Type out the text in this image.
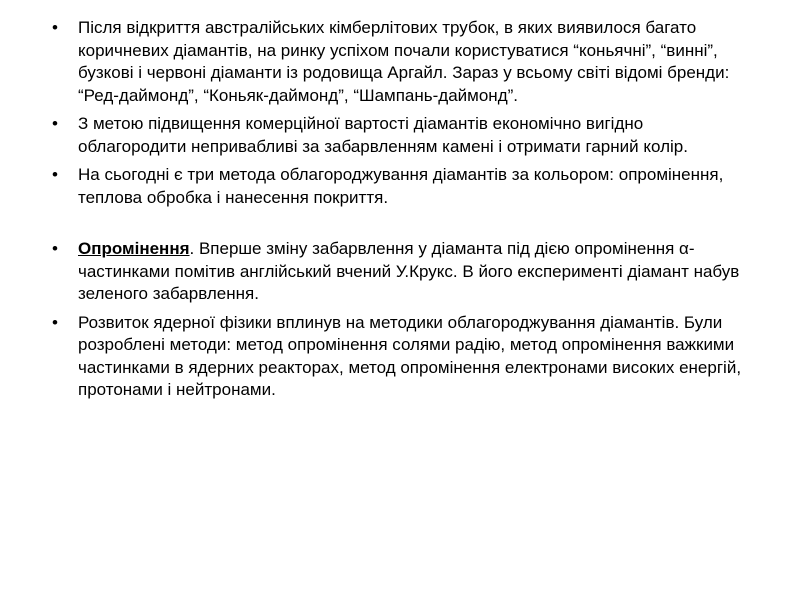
• Після відкриття австралійських кімберлітових трубок, в яких виявилося багато коричневих діамантів, на ринку успіхом почали користуватися “коньячні”, “винні”, бузкові і червоні діаманти із родовища Аргайл. Зараз у всьому світі відомі бренди: “Ред-даймонд”, “Коньяк-даймонд”, “Шампань-даймонд”.
• З метою підвищення комерційної вартості діамантів економічно вигідно облагородити непривабливі за забарвленням камені і отримати гарний колір.
• На сьогодні є три метода облагороджування діамантів за кольором: опромінення, теплова обробка і нанесення покриття.
• Опромінення. Вперше зміну забарвлення у діаманта під дією опромінення α-частинками помітив англійський вчений У.Крукс. В його експерименті діамант набув зеленого забарвлення.
• Розвиток ядерної фізики вплинув на методики облагороджування діамантів. Були розроблені методи: метод опромінення солями радію, метод опромінення важкими частинками в ядерних реакторах, метод опромінення електронами високих енергій, протонами і нейтронами.
